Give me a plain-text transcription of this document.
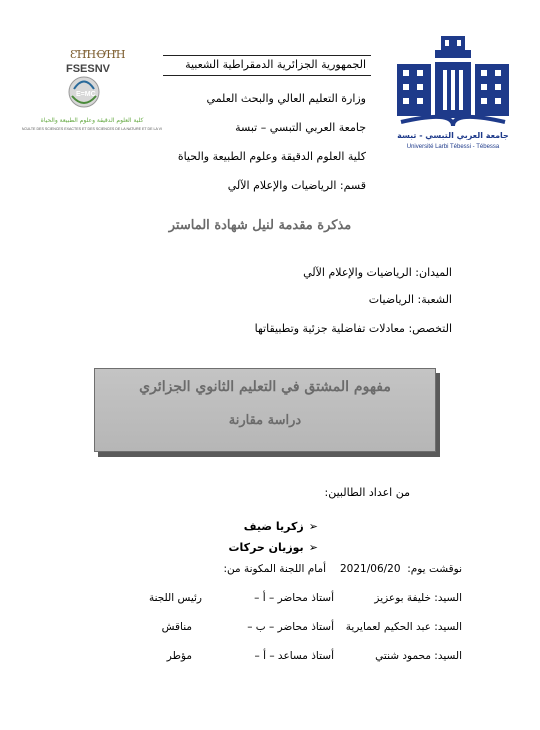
ƐꞪꞪꝊꞪꞪ
FSESNV
E=MC
كلية العلوم الدقيقة وعلوم الطبيعة والحياة
FACULTE DES SCIENCES EXACTES ET DES SCIENCES DE LA NATURE ET DE LA VIE
جامعة العربي التبسي - تبسة
Université Larbi Tébessi - Tébessa
الجمهورية الجزائرية الدمقراطية الشعبية
وزارة التعليم العالي والبحث العلمي
جامعة العربي التبسي – تبسة
كلية العلوم الدقيقة وعلوم الطبيعة والحياة
قسم: الرياضيات والإعلام الآلي
مذكرة مقدمة لنيل شهادة الماستر
الميدان: الرياضيات والإعلام الآلي
الشعبة: الرياضيات
التخصص: معادلات تفاضلية جزئية وتطبيقاتها
مفهوم المشتق في التعليم الثانوي الجزائري
دراسة مقارنة
من اعداد الطالبين:
➢ زكريا ضيف
➢ بوزيان حركات
نوقشت يوم:
2021/06/20
أمام اللجنة المكونة من:
السيد: خليفة بوعزيز
أستاذ محاضر – أ –
رئيس اللجنة
السيد: عبد الحكيم لعمايرية
أستاذ محاضر – ب –
مناقش
السيد: محمود شنتي
أستاذ مساعد – أ –
مؤطر
